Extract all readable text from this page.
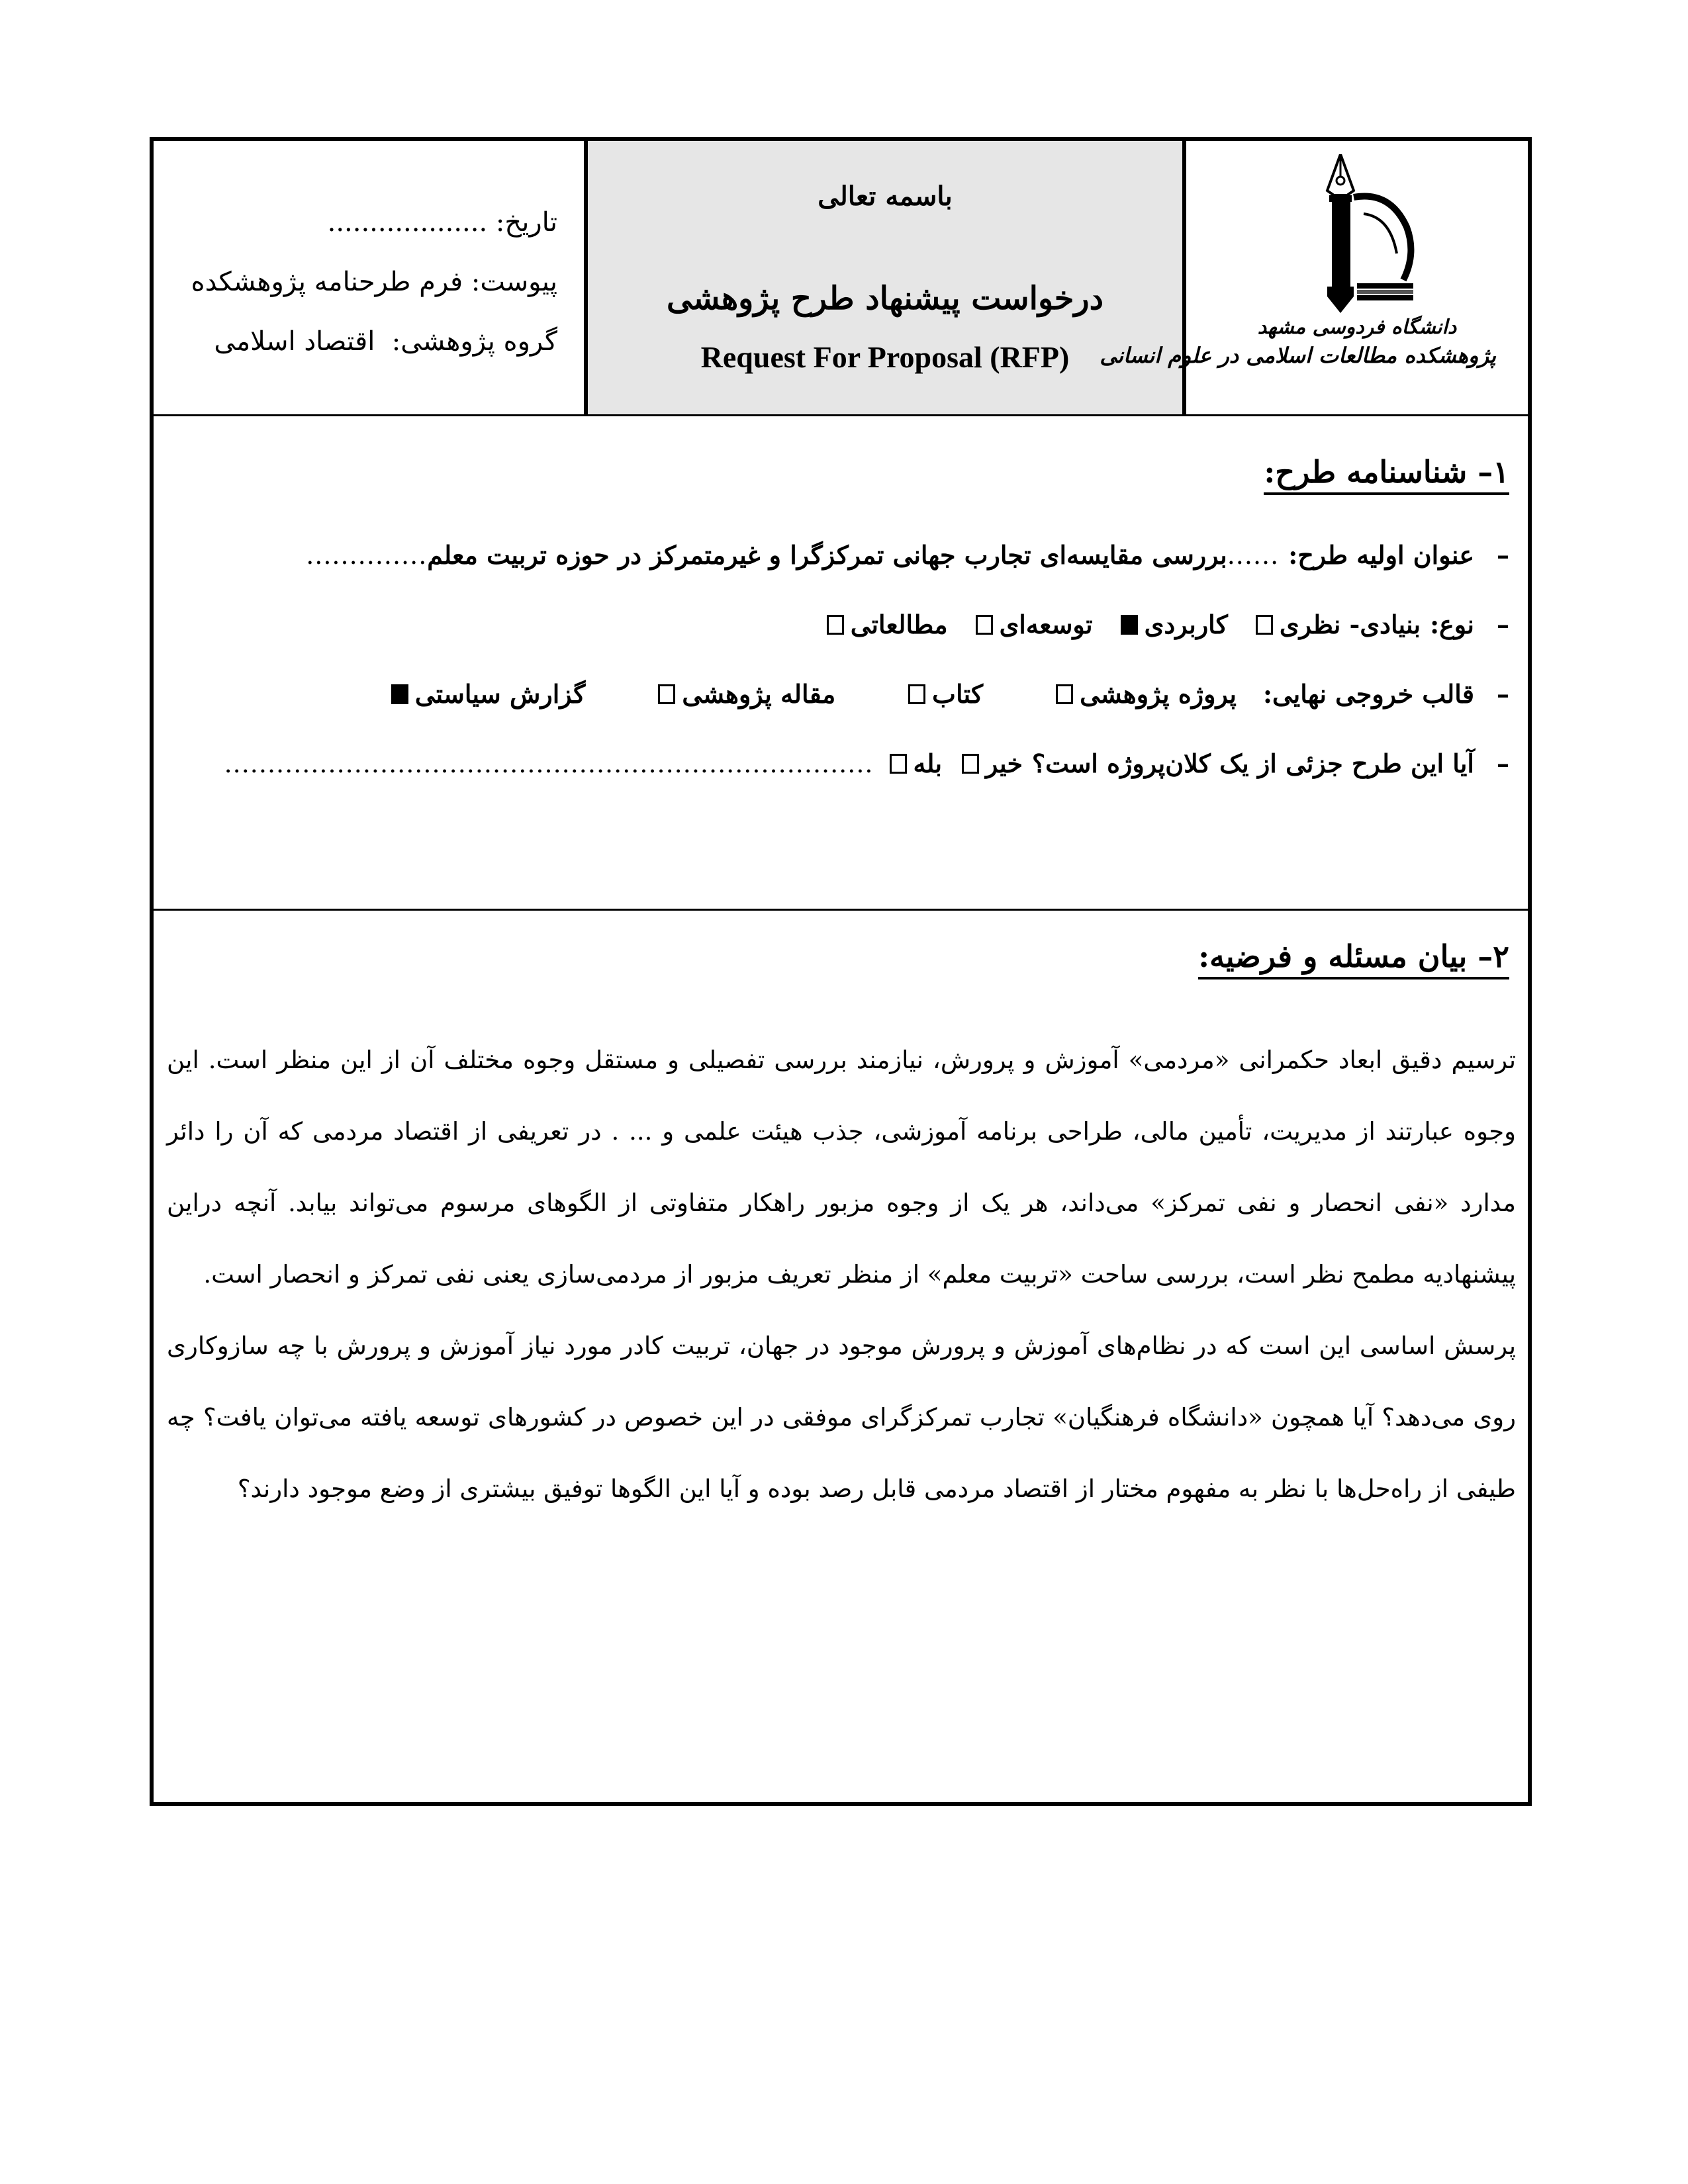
تاریخ: ...................
پیوست: فرم طرحنامه پژوهشکده
گروه پژوهشی:  اقتصاد اسلامی
باسمه تعالی
درخواست پیشنهاد طرح پژوهشی
Request For Proposal (RFP)
دانشگاه فردوسی مشهد
پژوهشکده مطالعات اسلامی در علوم انسانی
۱– شناسنامه طرح:
–
عنوان اولیه طرح:
......
بررسی مقایسه‌ای تجارب جهانی تمرکزگرا و غیرمتمرکز در حوزه تربیت معلم
..............
–
نوع:
بنیادی- نظری
کاربردی
توسعه‌ای
مطالعاتی
–
قالب خروجی نهایی:
پروژه پژوهشی
کتاب
مقاله پژوهشی
گزارش سیاستی
–
آیا این طرح جزئی از یک کلان‌پروژه است؟
خیر
بله
...........................................................................
۲– بیان مسئله و فرضیه:

ترسیم دقیق ابعاد حکمرانی «مردمی» آموزش و پرورش، نیازمند بررسی تفصیلی و مستقل وجوه مختلف آن از این منظر است. این وجوه عبارتند از مدیریت، تأمین مالی، طراحی برنامه آموزشی، جذب هیئت علمی و ... . در تعریفی از اقتصاد مردمی که آن را دائر مدارد «نفی انحصار و نفی تمرکز» می‌داند، هر یک از وجوه مزبور راهکار متفاوتی از الگوهای مرسوم می‌تواند بیابد. آنچه دراین پیشنهادیه مطمح نظر است، بررسی ساحت «تربیت معلم» از منظر تعریف مزبور از مردمی‌سازی یعنی نفی تمرکز و انحصار است.

پرسش اساسی این است که در نظام‌های آموزش و پرورش موجود در جهان، تربیت کادر مورد نیاز آموزش و پرورش با چه سازوکاری روی می‌دهد؟ آیا همچون «دانشگاه فرهنگیان» تجارب تمرکزگرای موفقی در این خصوص در کشورهای توسعه یافته می‌توان یافت؟ چه طیفی از راه‌حل‌ها با نظر به مفهوم مختار از اقتصاد مردمی قابل رصد بوده و آیا این الگوها توفیق بیشتری از وضع موجود دارند؟
